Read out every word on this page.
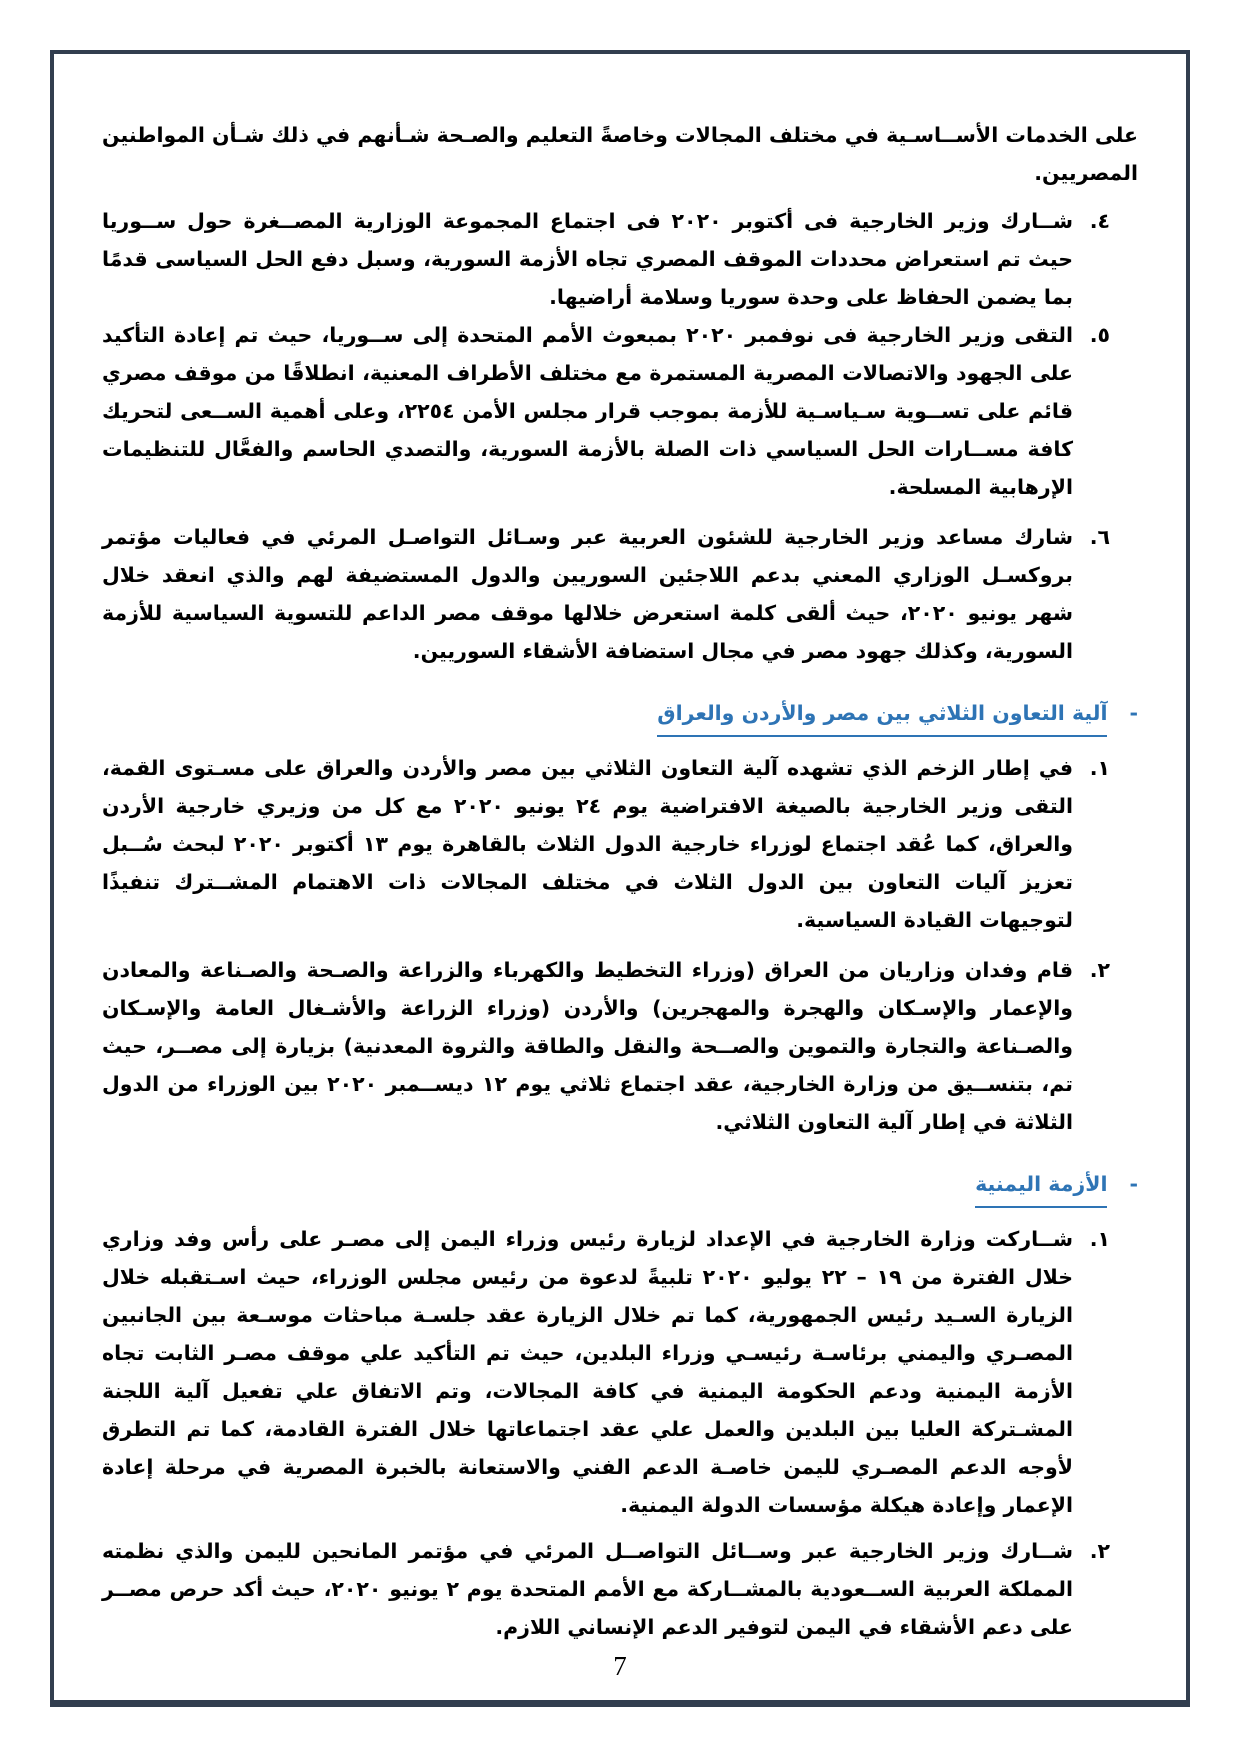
على الخدمات الأســاسـية في مختلف المجالات وخاصةً التعليم والصـحة شـأنهم في ذلك شـأن المواطنين المصريين.

٤.
شــارك وزير الخارجية فى أكتوبر ٢٠٢٠ فى اجتماع المجموعة الوزارية المصــغرة حول ســوريا حيث تم استعراض محددات الموقف المصري تجاه الأزمة السورية، وسبل دفع الحل السياسى قدمًا بما يضمن الحفاظ على وحدة سوريا وسلامة أراضيها.
٥.
التقى وزير الخارجية فى نوفمبر ٢٠٢٠ بمبعوث الأمم المتحدة إلى ســوريا، حيث تم إعادة التأكيد على الجهود والاتصالات المصرية المستمرة مع مختلف الأطراف المعنية، انطلاقًا من موقف مصري قائم على تســوية سـياسـية للأزمة بموجب قرار مجلس الأمن ٢٢٥٤، وعلى أهمية الســعى لتحريك كافة مســارات الحل السياسي ذات الصلة بالأزمة السورية، والتصدي الحاسم والفعَّال للتنظيمات الإرهابية المسلحة.
٦.
شارك مساعد وزير الخارجية للشئون العربية عبر وسـائل التواصـل المرئي في فعاليات مؤتمر بروكسـل الوزاري المعني بدعم اللاجئين السوريين والدول المستضيفة لهم والذي انعقد خلال شهر يونيو ٢٠٢٠، حيث ألقى كلمة استعرض خلالها موقف مصر الداعم للتسوية السياسية للأزمة السورية، وكذلك جهود مصر في مجال استضافة الأشقاء السوريين.
-
آلية التعاون الثلاثي بين مصر والأردن والعراق
١.
في إطار الزخم الذي تشهده آلية التعاون الثلاثي بين مصر والأردن والعراق على مسـتوى القمة، التقى وزير الخارجية بالصيغة الافتراضية يوم ٢٤ يونيو ٢٠٢٠ مع كل من وزيري خارجية الأردن والعراق، كما عُقد اجتماع لوزراء خارجية الدول الثلاث بالقاهرة يوم ١٣ أكتوبر ٢٠٢٠ لبحث سُــبل تعزيز آليات التعاون بين الدول الثلاث في مختلف المجالات ذات الاهتمام المشــترك تنفيذًا لتوجيهات القيادة السياسية.
٢.
قام وفدان وزاريان من العراق (وزراء التخطيط والكهرباء والزراعة والصـحة والصـناعة والمعادن والإعمار والإسـكان والهجرة والمهجرين) والأردن (وزراء الزراعة والأشـغال العامة والإسـكان والصـناعة والتجارة والتموين والصــحة والنقل والطاقة والثروة المعدنية) بزيارة إلى مصــر، حيث تم، بتنســيق من وزارة الخارجية، عقد اجتماع ثلاثي يوم ١٢ ديســمبر ٢٠٢٠ بين الوزراء من الدول الثلاثة في إطار آلية التعاون الثلاثي.
-
الأزمة اليمنية
١.
شــاركت وزارة الخارجية في الإعداد لزيارة رئيس وزراء اليمن إلى مصـر على رأس وفد وزاري خلال الفترة من ١٩ – ٢٢ يوليو ٢٠٢٠ تلبيةً لدعوة من رئيس مجلس الوزراء، حيث اسـتقبله خلال الزيارة السـيد رئيس الجمهورية، كما تم خلال الزيارة عقد جلسـة مباحثات موسـعة بين الجانبين المصـري واليمني برئاسـة رئيسـي وزراء البلدين، حيث تم التأكيد علي موقف مصـر الثابت تجاه الأزمة اليمنية ودعم الحكومة اليمنية في كافة المجالات، وتم الاتفاق علي تفعيل آلية اللجنة المشـتركة العليا بين البلدين والعمل علي عقد اجتماعاتها خلال الفترة القادمة، كما تم التطرق لأوجه الدعم المصـري لليمن خاصـة الدعم الفني والاستعانة بالخبرة المصرية في مرحلة إعادة الإعمار وإعادة هيكلة مؤسسات الدولة اليمنية.
٢.
شــارك وزير الخارجية عبر وســائل التواصــل المرئي في مؤتمر المانحين لليمن والذي نظمته المملكة العربية الســعودية بالمشــاركة مع الأمم المتحدة يوم ٢ يونيو ٢٠٢٠، حيث أكد حرص مصــر على دعم الأشقاء في اليمن لتوفير الدعم الإنساني اللازم.
7
